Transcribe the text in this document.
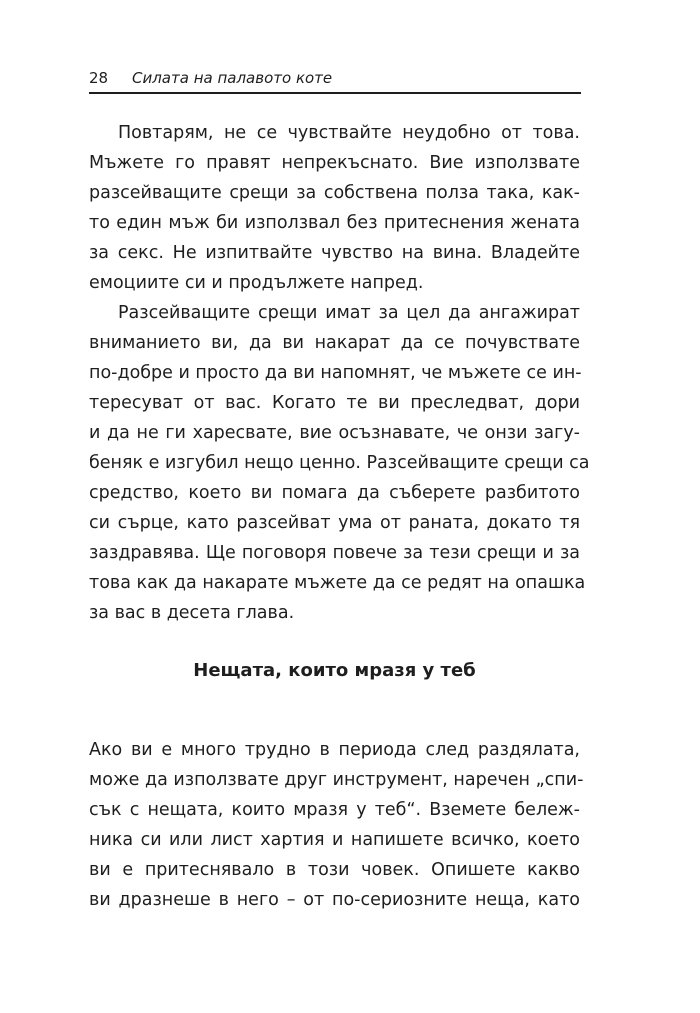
28 Силата на палавото коте
Повтарям, не се чувствайте неудобно от това.
Мъжете го правят непрекъснато. Вие използвате
разсейващите срещи за собствена полза така, как-
то един мъж би използвал без притеснения жената
за секс. Не изпитвайте чувство на вина. Владейте
емоциите си и продължете напред.
Разсейващите срещи имат за цел да ангажират
вниманието ви, да ви накарат да се почувствате
по-добре и просто да ви напомнят, че мъжете се ин-
тересуват от вас. Когато те ви преследват, дори
и да не ги харесвате, вие осъзнавате, че онзи загу-
беняк е изгубил нещо ценно. Разсейващите срещи са
средство, което ви помага да съберете разбитото
си сърце, като разсейват ума от раната, докато тя
заздравява. Ще поговоря повече за тези срещи и за
това как да накарате мъжете да се редят на опашка
за вас в десета глава.
Нещата, които мразя у теб
Ако ви е много трудно в периода след раздялата,
може да използвате друг инструмент, наречен „спи-
сък с нещата, които мразя у теб“. Вземете бележ-
ника си или лист хартия и напишете всичко, което
ви е притеснявало в този човек. Опишете какво
ви дразнеше в него – от по-сериозните неща, като
